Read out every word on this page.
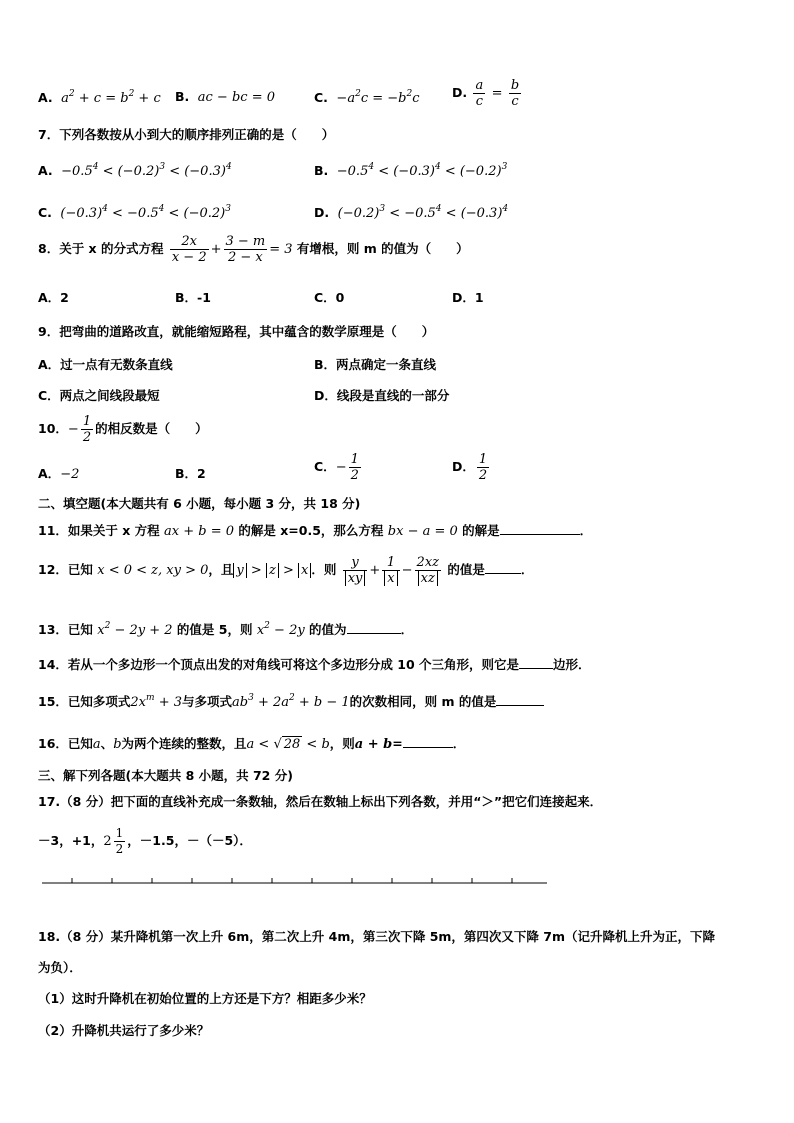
A.  $a^2 + c = b^2 + c$ B.  ac − bc = 0	C.  $-a^2c = -b^2c$	D. $\frac{a}{c} = \frac{b}{c}$
7．下列各数按从小到大的顺序排列正确的是（　　）
A.  $-0.5^4 < (-0.2)^3 < (-0.3)^4$	B.  $-0.5^4 < (-0.3)^4 < (-0.2)^3$
C.  $(-0.3)^4 < -0.5^4 < (-0.2)^3$	D.  $(-0.2)^3 < -0.5^4 < (-0.3)^4$
8．关于 x 的分式方程 $\frac{2x}{x - 2} + \frac{3 - m}{2 - x} = 3$ 有增根，则 m 的值为（　　）
A．2	B．-1	C．0	D．1
9．把弯曲的道路改直，就能缩短路程，其中蕴含的数学原理是（　　）
A．过一点有无数条直线	B．两点确定一条直线
C．两点之间线段最短	D．线段是直线的一部分
10．− $\frac{1}{2}$ 的相反数是（　　）
A．−2	B．2	C．− $\frac{1}{2}$	D． $\frac{1}{2}$
二、填空题(本大题共有 6 小题，每小题 3 分，共 18 分)
11．如果关于 x 方程 ax + b = 0 的解是 x=0.5，那么方程 bx − a = 0 的解是	．
12．已知 x < 0 < z, xy > 0，且 y > z > x ．则 $\frac{y}{xy} + \frac{1}{x} - \frac{2xz}{xz}$ 的值是	．
13．已知 $x^2 - 2y + 2$ 的值是 5，则 $x^2 - 2y$ 的值为	．
14．若从一个多边形一个顶点出发的对角线可将这个多边形分成 10 个三角形，则它是	边形．
15．已知多项式$2x^m + 3$与多项式$ab^3 + 2a^2 + b - 1$的次数相同，则 m 的值是
16．已知a、b为两个连续的整数，且a < √ 28 < b，则a + b=	．
三、解下列各题(本大题共 8 小题，共 72 分)
17.（8 分）把下面的直线补充成一条数轴，然后在数轴上标出下列各数，并用“＞”把它们连接起来．
－3，+1，$2 \frac{1}{2}$ ，－1.5，－（－5）．
18.（8 分）某升降机第一次上升 6m，第二次上升 4m，第三次下降 5m，第四次又下降 7m（记升降机上升为正，下降
为负）．
（1）这时升降机在初始位置的上方还是下方？相距多少米？
（2）升降机共运行了多少米？
